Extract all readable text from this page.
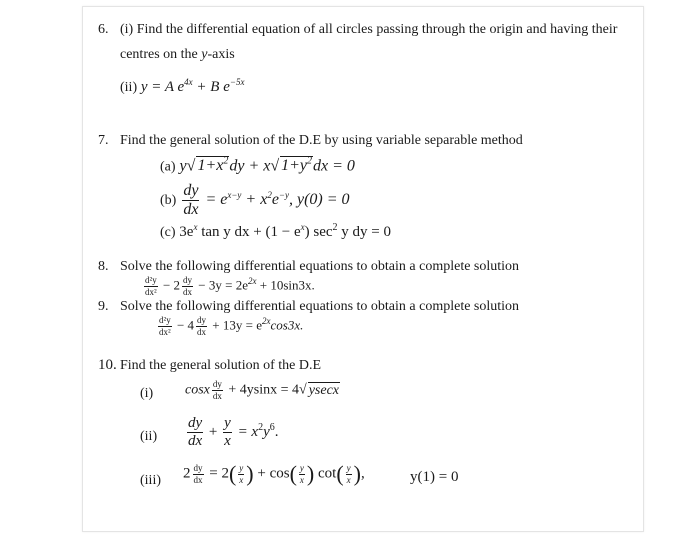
6. (i) Find the differential equation of all circles passing through the origin and having their
centres on the y-axis
(ii) y = A $e^{4x} + B$ $e^{-5x}$
7. Find the general solution of the D.E by using variable separable method
(a) y√ $1+x^2dy + x√$ $1+y^2dx = 0$
$(b) \frac{dy}{dx} = e^{x-y} + x^2e^{-y}$, y(0) = 0
(c) $3e^x$ tan y dx + $(1 - e^x)$ $\sec^2 y$ dy = 0
8. Solve the following differential equations to obtain a complete solution
$\frac{\text{d²y}}{\text{dx²}} - 2 \frac{dy}{dx} - 3y = 2e^{2x} + 10\sin 3x$.
9. Solve the following differential equations to obtain a complete solution
$\frac{\text{d²y}}{\text{dx²}} - 4 \frac{dy}{dx} + 13y = e^{2x}\cos 3x$.
10. Find the general solution of the D.E
(i) cosx $\frac{dy}{dx} + 4ysinx = 4√$ ysecx
$(ii) \frac{dy}{dx} + \frac{y}{x} = x^2y^6$.
(iii) $2 \frac{dy}{dx} = 2( \frac{y}{x}$ ) + $\cos( \frac{y}{x}$ ) $\cot( \frac{y}{x}$ ),	y(1) = 0
